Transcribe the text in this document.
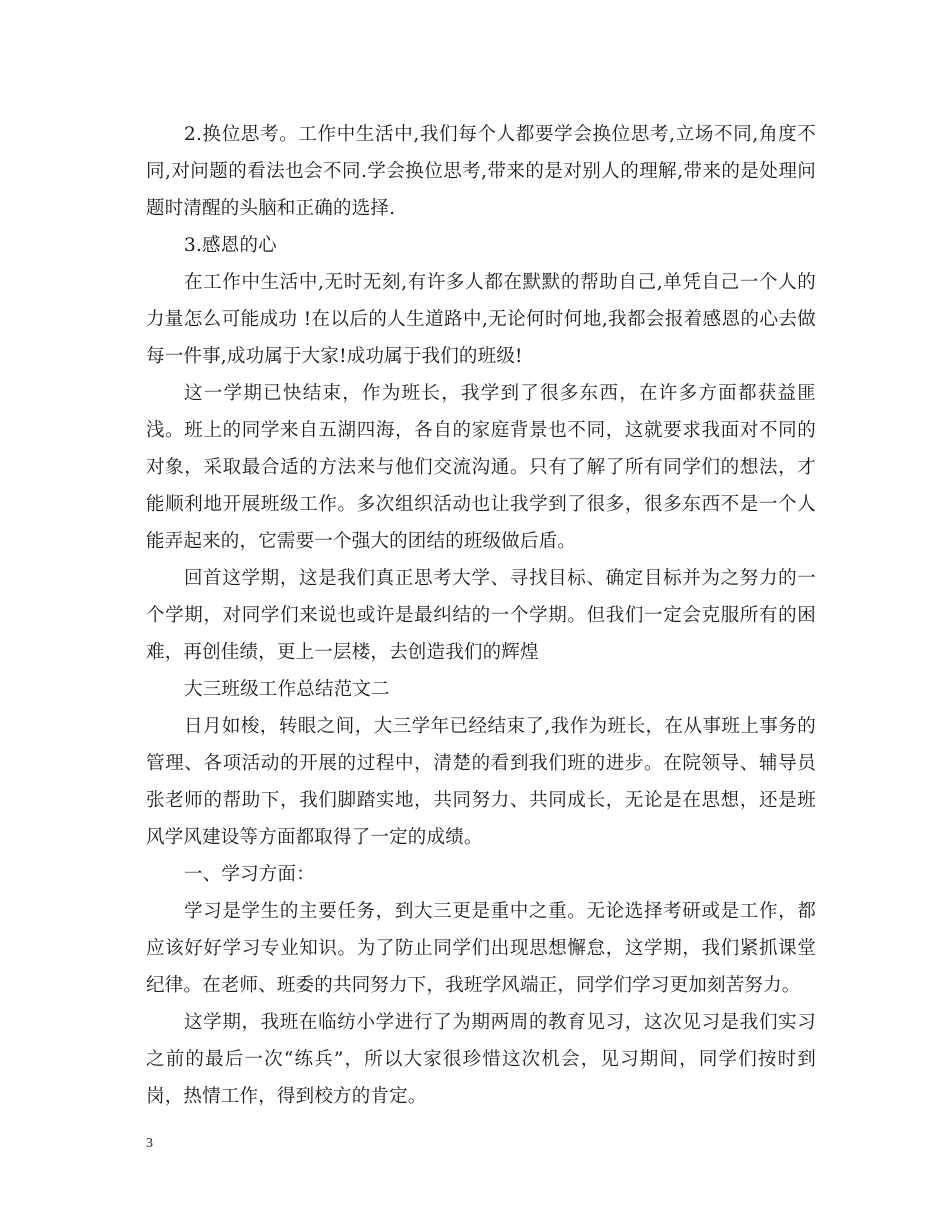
2.换位思考。工作中生活中,我们每个人都要学会换位思考,立场不同,角度不同,对问题的看法也会不同.学会换位思考,带来的是对别人的理解,带来的是处理问题时清醒的头脑和正确的选择.

3.感恩的心

在工作中生活中,无时无刻,有许多人都在默默的帮助自己,单凭自己一个人的力量怎么可能成功 !在以后的人生道路中,无论何时何地,我都会报着感恩的心去做每一件事,成功属于大家!成功属于我们的班级!

这一学期已快结束，作为班长，我学到了很多东西，在许多方面都获益匪浅。班上的同学来自五湖四海，各自的家庭背景也不同，这就要求我面对不同的对象，采取最合适的方法来与他们交流沟通。只有了解了所有同学们的想法，才能顺利地开展班级工作。多次组织活动也让我学到了很多，很多东西不是一个人能弄起来的，它需要一个强大的团结的班级做后盾。

回首这学期，这是我们真正思考大学、寻找目标、确定目标并为之努力的一个学期，对同学们来说也或许是最纠结的一个学期。但我们一定会克服所有的困难，再创佳绩，更上一层楼，去创造我们的辉煌

大三班级工作总结范文二

日月如梭，转眼之间，大三学年已经结束了,我作为班长，在从事班上事务的管理、各项活动的开展的过程中，清楚的看到我们班的进步。在院领导、辅导员张老师的帮助下，我们脚踏实地，共同努力、共同成长，无论是在思想，还是班风学风建设等方面都取得了一定的成绩。

一、学习方面：

学习是学生的主要任务，到大三更是重中之重。无论选择考研或是工作，都应该好好学习专业知识。为了防止同学们出现思想懈怠，这学期，我们紧抓课堂纪律。在老师、班委的共同努力下，我班学风端正，同学们学习更加刻苦努力。

这学期，我班在临纺小学进行了为期两周的教育见习，这次见习是我们实习之前的最后一次“练兵”，所以大家很珍惜这次机会，见习期间，同学们按时到岗，热情工作，得到校方的肯定。

3
